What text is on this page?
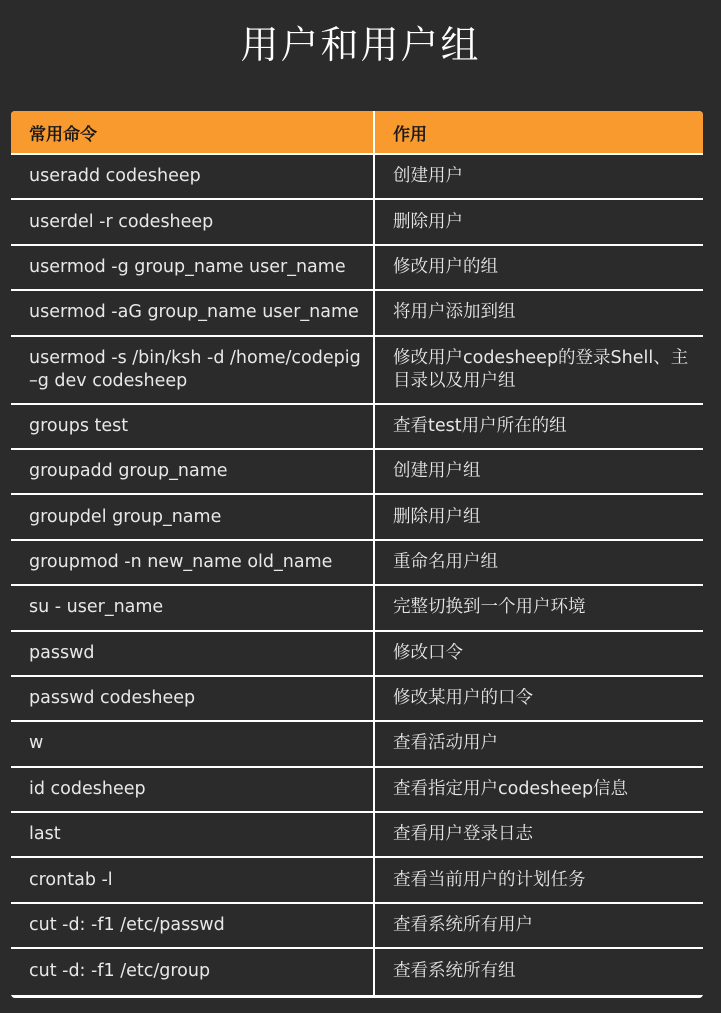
用户和用户组
常用命令	作用
useradd codesheep	创建用户
userdel -r codesheep	删除用户
usermod -g group_name user_name	修改用户的组
usermod -aG group_name user_name	将用户添加到组
usermod -s /bin/ksh -d /home/codepig –g dev codesheep	修改用户codesheep的登录Shell、主目录以及用户组
groups test	查看test用户所在的组
groupadd group_name	创建用户组
groupdel group_name	删除用户组
groupmod -n new_name old_name	重命名用户组
su - user_name	完整切换到一个用户环境
passwd	修改口令
passwd codesheep	修改某用户的口令
w	查看活动用户
id codesheep	查看指定用户codesheep信息
last	查看用户登录日志
crontab -l	查看当前用户的计划任务
cut -d: -f1 /etc/passwd	查看系统所有用户
cut -d: -f1 /etc/group	查看系统所有组
